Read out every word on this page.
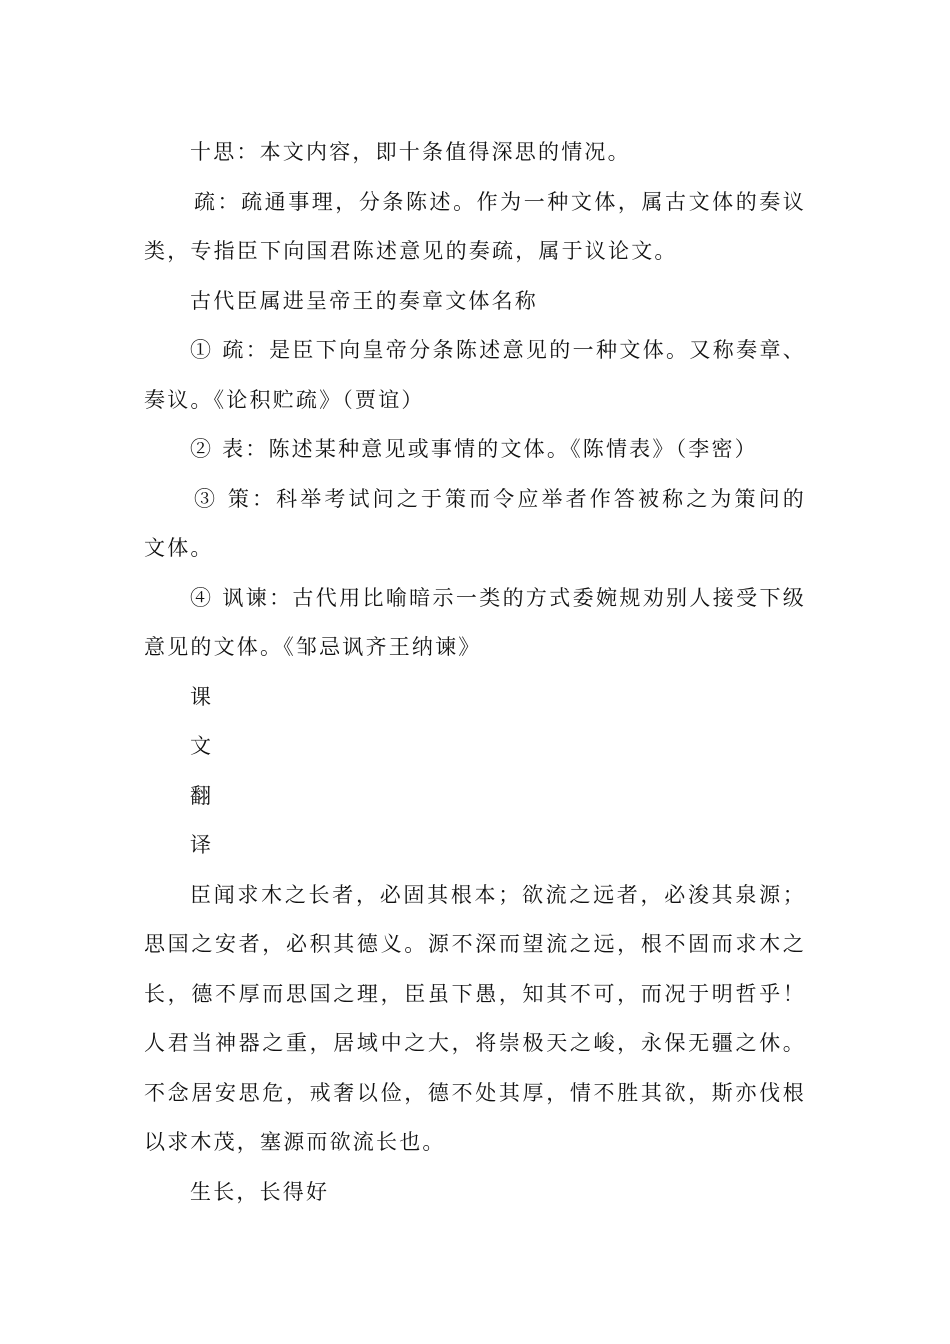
十思：本文内容，即十条值得深思的情况。

疏：疏通事理，分条陈述。作为一种文体，属古文体的奏议类，专指臣下向国君陈述意见的奏疏，属于议论文。

古代臣属进呈帝王的奏章文体名称

① 疏：是臣下向皇帝分条陈述意见的一种文体。又称奏章、奏议。《论积贮疏》（贾谊）

② 表：陈述某种意见或事情的文体。《陈情表》（李密）

③ 策：科举考试问之于策而令应举者作答被称之为策问的文体。

④ 讽谏：古代用比喻暗示一类的方式委婉规劝别人接受下级意见的文体。《邹忌讽齐王纳谏》

课

文

翻

译

臣闻求木之长者，必固其根本；欲流之远者，必浚其泉源；思国之安者，必积其德义。源不深而望流之远，根不固而求木之长，德不厚而思国之理，臣虽下愚，知其不可，而况于明哲乎！人君当神器之重，居域中之大，将崇极天之峻，永保无疆之休。不念居安思危，戒奢以俭，德不处其厚，情不胜其欲，斯亦伐根以求木茂，塞源而欲流长也。

生长，长得好
